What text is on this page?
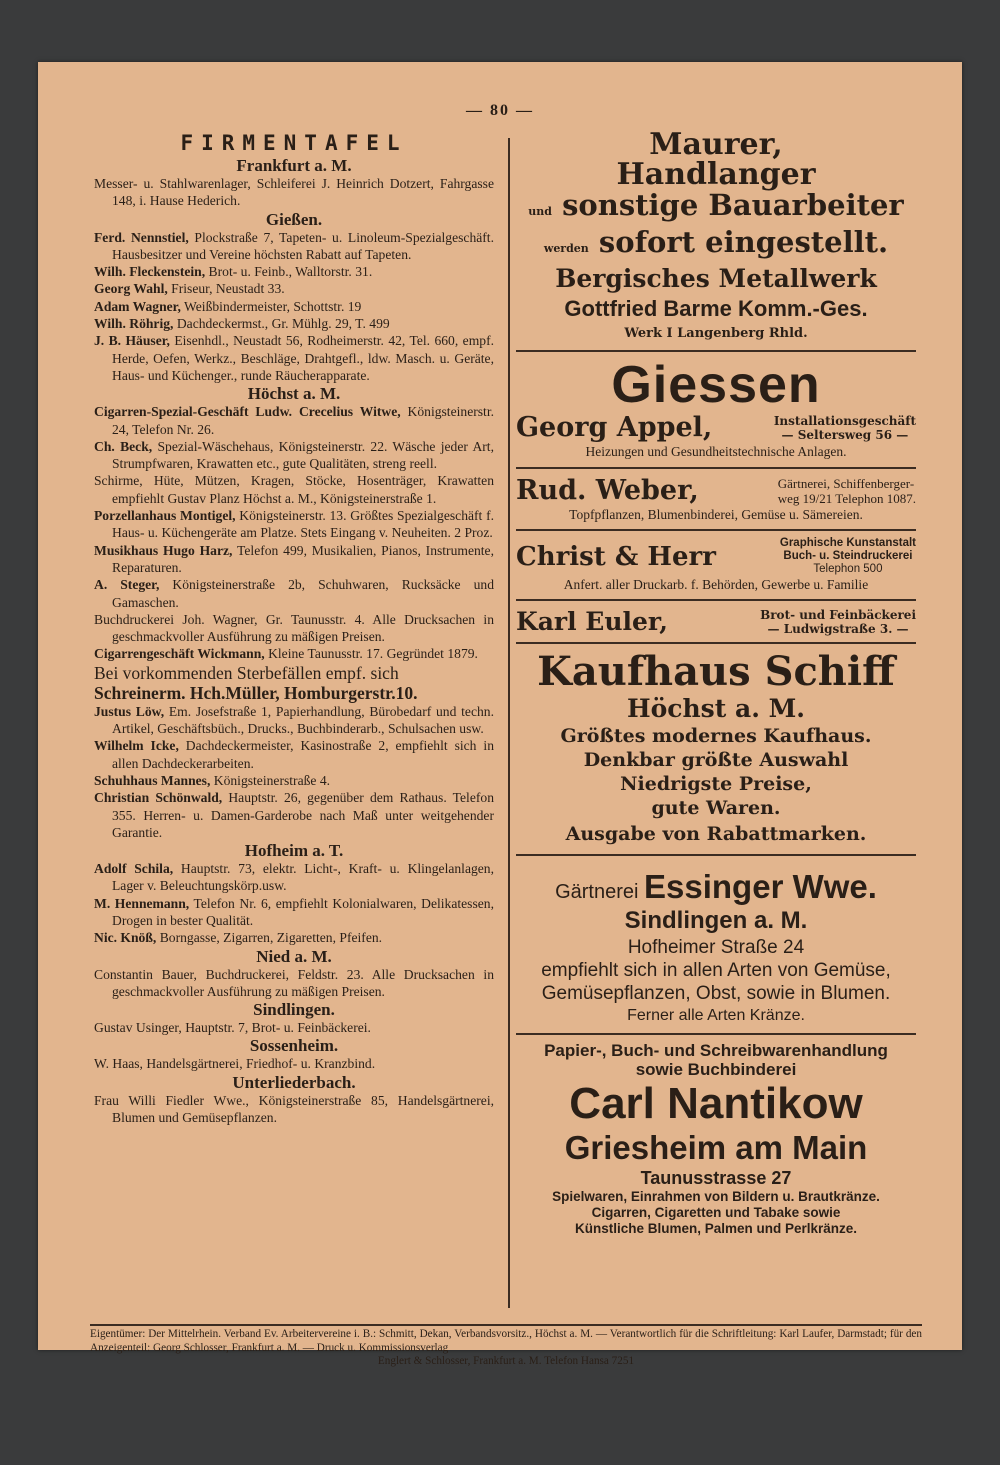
— 80 —
FIRMENTAFEL
Frankfurt a. M.
Messer- u. Stahlwarenlager, Schleiferei J. Heinrich Dotzert, Fahrgasse 148, i. Hause Hederich.
Gießen.
Ferd. Nennstiel, Plockstraße 7, Tapeten- u. Linoleum-Spezialgeschäft. Hausbesitzer und Vereine höchsten Rabatt auf Tapeten.
Wilh. Fleckenstein, Brot- u. Feinb., Walltorstr. 31.
Georg Wahl, Friseur, Neustadt 33.
Adam Wagner, Weißbindermeister, Schottstr. 19
Wilh. Röhrig, Dachdeckermst., Gr. Mühlg. 29, T. 499
J. B. Häuser, Eisenhdl., Neustadt 56, Rodheimerstr. 42, Tel. 660, empf. Herde, Oefen, Werkz., Beschläge, Drahtgefl., ldw. Masch. u. Geräte, Haus- und Küchenger., runde Räucherapparate.
Höchst a. M.
Cigarren-Spezial-Geschäft Ludw. Crecelius Witwe, Königsteinerstr. 24, Telefon Nr. 26.
Ch. Beck, Spezial-Wäschehaus, Königsteinerstr. 22. Wäsche jeder Art, Strumpfwaren, Krawatten etc., gute Qualitäten, streng reell.
Schirme, Hüte, Mützen, Kragen, Stöcke, Hosenträger, Krawatten empfiehlt Gustav Planz Höchst a. M., Königsteinerstraße 1.
Porzellanhaus Montigel, Königsteinerstr. 13. Größtes Spezialgeschäft f. Haus- u. Küchengeräte am Platze. Stets Eingang v. Neuheiten. 2 Proz.
Musikhaus Hugo Harz, Telefon 499, Musikalien, Pianos, Instrumente, Reparaturen.
A. Steger, Königsteinerstraße 2b, Schuhwaren, Rucksäcke und Gamaschen.
Buchdruckerei Joh. Wagner, Gr. Taunusstr. 4. Alle Drucksachen in geschmackvoller Ausführung zu mäßigen Preisen.
Cigarrengeschäft Wickmann, Kleine Taunusstr. 17. Gegründet 1879.
Bei vorkommenden Sterbefällen empf. sich
Schreinerm. Hch.Müller, Homburgerstr.10.
Justus Löw, Em. Josefstraße 1, Papierhandlung, Bürobedarf und techn. Artikel, Geschäftsbüch., Drucks., Buchbinderarb., Schulsachen usw.
Wilhelm Icke, Dachdeckermeister, Kasinostraße 2, empfiehlt sich in allen Dachdeckerarbeiten.
Schuhhaus Mannes, Königsteinerstraße 4.
Christian Schönwald, Hauptstr. 26, gegenüber dem Rathaus. Telefon 355. Herren- u. Damen-Garderobe nach Maß unter weitgehender Garantie.
Hofheim a. T.
Adolf Schila, Hauptstr. 73, elektr. Licht-, Kraft- u. Klingelanlagen, Lager v. Beleuchtungskörp.usw.
M. Hennemann, Telefon Nr. 6, empfiehlt Kolonialwaren, Delikatessen, Drogen in bester Qualität.
Nic. Knöß, Borngasse, Zigarren, Zigaretten, Pfeifen.
Nied a. M.
Constantin Bauer, Buchdruckerei, Feldstr. 23. Alle Drucksachen in geschmackvoller Ausführung zu mäßigen Preisen.
Sindlingen.
Gustav Usinger, Hauptstr. 7, Brot- u. Feinbäckerei.
Sossenheim.
W. Haas, Handelsgärtnerei, Friedhof- u. Kranzbind.
Unterliederbach.
Frau Willi Fiedler Wwe., Königsteinerstraße 85, Handelsgärtnerei, Blumen und Gemüsepflanzen.
Maurer,
Handlanger
und sonstige Bauarbeiter
werden sofort eingestellt.
Bergisches Metallwerk
Gottfried Barme Komm.-Ges.
Werk I Langenberg Rhld.
Giessen
Georg Appel,	Installationsgeschäft
— Seltersweg 56 —
Heizungen und Gesundheitstechnische Anlagen.
Rud. Weber,	Gärtnerei, Schiffenberger-
weg 19/21 Telephon 1087.
Topfpflanzen, Blumenbinderei, Gemüse u. Sämereien.
Christ & Herr	Graphische Kunstanstalt
Buch- u. Steindruckerei
Telephon 500
Anfert. aller Druckarb. f. Behörden, Gewerbe u. Familie
Karl Euler,	Brot- und Feinbäckerei
— Ludwigstraße 3. —
Kaufhaus Schiff
Höchst a. M.
Größtes modernes Kaufhaus.
Denkbar größte Auswahl
Niedrigste Preise,
gute Waren.
Ausgabe von Rabattmarken.
Gärtnerei Essinger Wwe.
Sindlingen a. M.
Hofheimer Straße 24
empfiehlt sich in allen Arten von Gemüse,
Gemüsepflanzen, Obst, sowie in Blumen.
Ferner alle Arten Kränze.
Papier-, Buch- und Schreibwarenhandlung
sowie Buchbinderei
Carl Nantikow
Griesheim am Main
Taunusstrasse 27
Spielwaren, Einrahmen von Bildern u. Brautkränze.
Cigarren, Cigaretten und Tabake sowie
Künstliche Blumen, Palmen und Perlkränze.

Eigentümer: Der Mittelrhein. Verband Ev. Arbeitervereine i. B.: Schmitt, Dekan, Verbandsvorsitz., Höchst a. M. — Verantwortlich für die Schriftleitung: Karl Laufer, Darmstadt; für den Anzeigenteil: Georg Schlosser, Frankfurt a. M. — Druck u. Kommissionsverlag

Englert & Schlosser, Frankfurt a. M. Telefon Hansa 7251
